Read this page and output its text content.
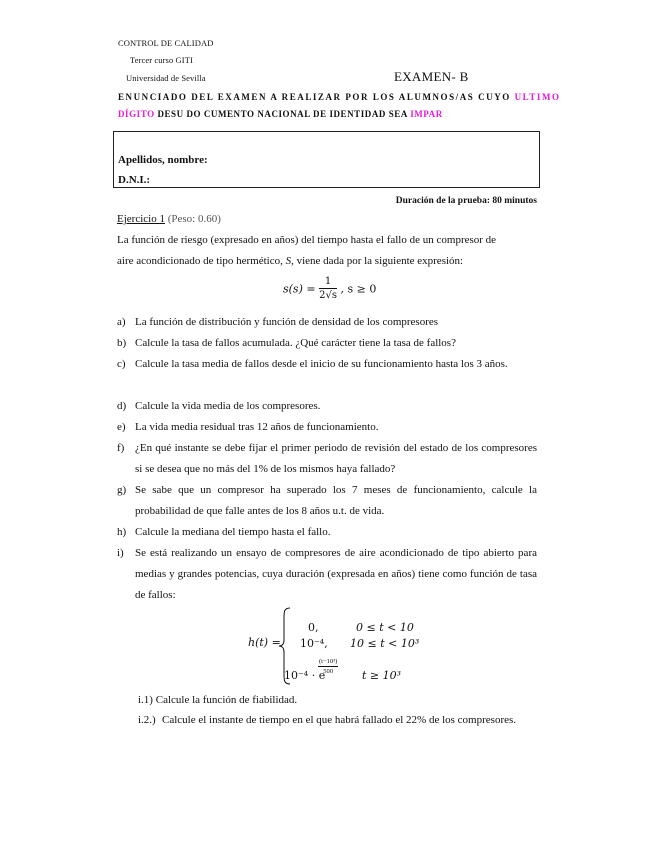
CONTROL DE CALIDAD
Tercer curso GITI
Universidad de Sevilla	EXAMEN- B
ENUNCIADO DEL EXAMEN A REALIZAR POR LOS ALUMNOS/AS CUYO ULTIMO
DÍGITO DESU DO CUMENTO NACIONAL DE IDENTIDAD SEA IMPAR
Apellidos, nombre:
D.N.I.:
Duración de la prueba: 80 minutos
Ejercicio 1 (Peso: 0.60)
La función de riesgo (expresado en años) del tiempo hasta el fallo de un compresor de
aire acondicionado de tipo hermético, S, viene dada por la siguiente expresión:
$s(s) = \frac{1}{2√s}$ , s ≥ 0
a) La función de distribución y función de densidad de los compresores
b) Calcule la tasa de fallos acumulada. ¿Qué carácter tiene la tasa de fallos?
c) Calcule la tasa media de fallos desde el inicio de su funcionamiento hasta los 3 años.
d) Calcule la vida media de los compresores.
e) La vida media residual tras 12 años de funcionamiento.
f) ¿En qué instante se debe fijar el primer periodo de revisión del estado de los compresores si se desea que no más del 1% de los mismos haya fallado?
g) Se sabe que un compresor ha superado los 7 meses de funcionamiento, calcule la probabilidad de que falle antes de los 8 años u.t. de vida.
h) Calcule la mediana del tiempo hasta el fallo.
i) Se está realizando un ensayo de compresores de aire acondicionado de tipo abierto para medias y grandes potencias, cuya duración (expresada en años) tiene como función de tasa de fallos:
h(t) =
0,	0 ≤ t < 10
10⁻⁴, 10 ≤ t < 10³
10⁻⁴ · e
$\frac{\text{(t−10³)}}{500}$ t ≥ 10³
i.1) Calcule la función de fiabilidad.
i.2.) Calcule el instante de tiempo en el que habrá fallado el 22% de los compresores.
